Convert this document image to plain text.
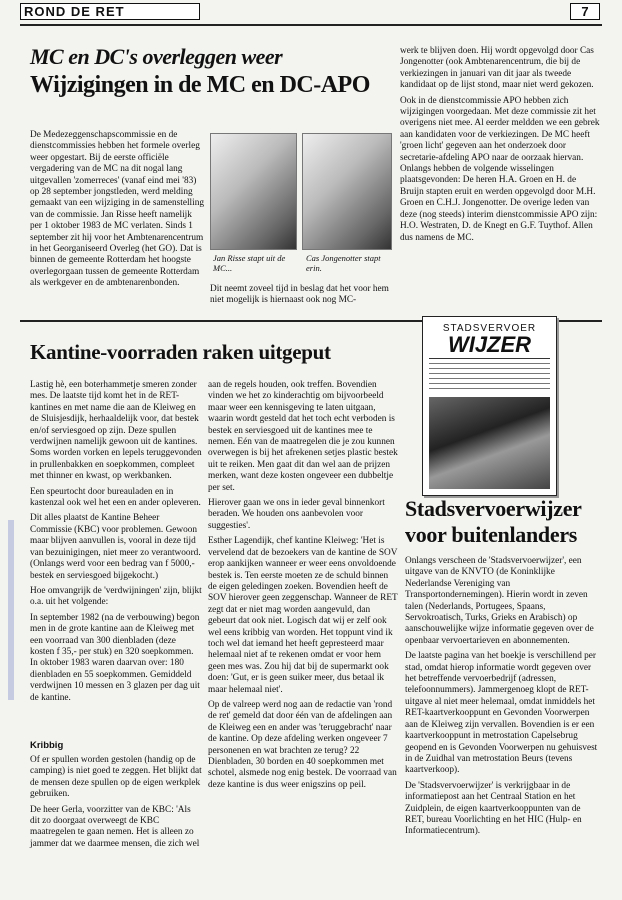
ROND DE RET	7
MC en DC's overleggen weer
Wijzigingen in de MC en DC-APO

De Medezeggenschapscommissie en de dienstcommissies hebben het formele overleg weer opgestart. Bij de eerste officiële vergadering van de MC na dit nogal lang uitgevallen 'zomerreces' (vanaf eind mei '83) op 28 september jongstleden, werd melding gemaakt van een wijziging in de samenstelling van de commissie. Jan Risse heeft namelijk per 1 oktober 1983 de MC verlaten. Sinds 1 september zit hij voor het Ambtenarencentrum in het Georganiseerd Overleg (het GO). Dat is binnen de gemeente Rotterdam het hoogste overlegorgaan tussen de gemeente Rotterdam als werkgever en de ambtenarenbonden.

Jan Risse stapt uit de MC...
Cas Jongenotter stapt erin.

Dit neemt zoveel tijd in beslag dat het voor hem niet mogelijk is hiernaast ook nog MC-

werk te blijven doen. Hij wordt opgevolgd door Cas Jongenotter (ook Ambtenarencentrum, die bij de verkiezingen in januari van dit jaar als tweede kandidaat op de lijst stond, maar niet werd gekozen.

Ook in de dienstcommissie APO hebben zich wijzigingen voorgedaan. Met deze commissie zit het overigens niet mee. Al eerder meldden we een gebrek aan kandidaten voor de verkiezingen. De MC heeft 'groen licht' gegeven aan het onderzoek door secretarie-afdeling APO naar de oorzaak hiervan. Onlangs hebben de volgende wisselingen plaatsgevonden: De heren H.A. Groen en H. de Bruijn stapten eruit en werden opgevolgd door M.H. Groen en C.H.J. Jongenotter. De overige leden van deze (nog steeds) interim dienstcommissie APO zijn: H.O. Westraten, D. de Knegt en G.F. Tuythof. Allen dus namens de MC.

Kantine-voorraden raken uitgeput

Lastig hè, een boterhammetje smeren zonder mes. De laatste tijd komt het in de RET-kantines en met name die aan de Kleiweg en de Sluisjesdijk, herhaaldelijk voor, dat bestek en/of serviesgoed op zijn. Deze spullen verdwijnen namelijk gewoon uit de kantines. Soms worden vorken en lepels teruggevonden in prullenbakken en soepkommen, compleet met thinner en kwast, op werkbanken.

Een speurtocht door bureauladen en in kastenzal ook wel het een en ander opleveren.

Dit alles plaatst de Kantine Beheer Commissie (KBC) voor problemen. Gewoon maar blijven aanvullen is, vooral in deze tijd van bezuinigingen, niet meer zo verantwoord. (Onlangs werd voor een bedrag van f 5000,- bestek en serviesgoed bijgekocht.)

Hoe omvangrijk de 'verdwijningen' zijn, blijkt o.a. uit het volgende:

In september 1982 (na de verbouwing) begon men in de grote kantine aan de Kleiweg met een voorraad van 300 dienbladen (deze kosten f 35,- per stuk) en 320 soepkommen. In oktober 1983 waren daarvan over: 180 dienbladen en 55 soepkommen. Gemiddeld verdwijnen 10 messen en 3 glazen per dag uit de kantine.

Kribbig

Of er spullen worden gestolen (handig op de camping) is niet goed te zeggen. Het blijkt dat de mensen deze spullen op de eigen werkplek gebruiken.

De heer Gerla, voorzitter van de KBC: 'Als dit zo doorgaat overweegt de KBC maatregelen te gaan nemen. Het is alleen zo jammer dat we daarmee mensen, die zich wel

aan de regels houden, ook treffen. Bovendien vinden we het zo kinderachtig om bijvoorbeeld maar weer een kennisgeving te laten uitgaan, waarin wordt gesteld dat het toch echt verboden is bestek en serviesgoed uit de kantines mee te nemen. Eén van de maatregelen die je zou kunnen overwegen is bij het afrekenen setjes plastic bestek uit te reiken. Men gaat dit dan wel aan de prijzen merken, want deze kosten ongeveer een dubbeltje per set.

Hierover gaan we ons in ieder geval binnenkort beraden. We houden ons aanbevolen voor suggesties'.

Esther Lagendijk, chef kantine Kleiweg: 'Het is vervelend dat de bezoekers van de kantine de SOV erop aankijken wanneer er weer eens onvoldoende bestek is. Ten eerste moeten ze de schuld binnen de eigen geledingen zoeken. Bovendien heeft de SOV hierover geen zeggenschap. Wanneer de RET zegt dat er niet mag worden aangevuld, dan gebeurt dat ook niet. Logisch dat wij er zelf ook wel eens kribbig van worden. Het toppunt vind ik toch wel dat iemand het heeft gepresteerd maar helemaal niet af te rekenen omdat er voor hem geen mes was. Zou hij dat bij de supermarkt ook doen: 'Gut, er is geen suiker meer, dus betaal ik maar helemaal niet'.

Op de valreep werd nog aan de redactie van 'rond de ret' gemeld dat door één van de afdelingen aan de Kleiweg een en ander was 'teruggebracht' naar de kantine. Op deze afdeling werken ongeveer 7 personenen en wat brachten ze terug? 22 Dienbladen, 30 borden en 40 soepkommen met schotel, alsmede nog enig bestek. De voorraad van deze kantine is dus weer enigszins op peil.

STADSVERVOER
WIJZER
Stadsvervoerwijzer
voor buitenlanders

Onlangs verscheen de 'Stadsvervoerwijzer', een uitgave van de KNVTO (de Koninklijke Nederlandse Vereniging van Transportondernemingen). Hierin wordt in zeven talen (Nederlands, Portugees, Spaans, Servokroatisch, Turks, Grieks en Arabisch) op aanschouwelijke wijze informatie gegeven over de openbaar vervoertarieven en abonnementen.

De laatste pagina van het boekje is verschillend per stad, omdat hierop informatie wordt gegeven over het betreffende vervoerbedrijf (adressen, telefoonnummers). Jammergenoeg klopt de RET-uitgave al niet meer helemaal, omdat inmiddels het RET-kaartverkooppunt en Gevonden Voorwerpen aan de Kleiweg zijn vervallen. Bovendien is er een kaartverkooppunt in metrostation Capelsebrug geopend en is Gevonden Voorwerpen nu gehuisvest in de Zuidhal van metrostation Beurs (tevens kaartverkoop).

De 'Stadsvervoerwijzer' is verkrijgbaar in de informatiepost aan het Centraal Station en het Zuidplein, de eigen kaartverkooppunten van de RET, bureau Voorlichting en het HIC (Hulp- en Informatiecentrum).
